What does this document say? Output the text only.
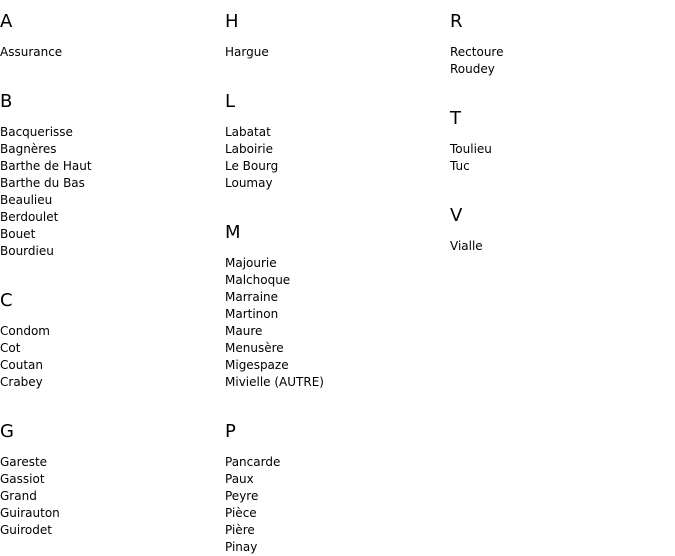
A
Assurance
B
Bacquerisse
Bagnères
Barthe de Haut
Barthe du Bas
Beaulieu
Berdoulet
Bouet
Bourdieu
C
Condom
Cot
Coutan
Crabey
G
Gareste
Gassiot
Grand
Guirauton
Guirodet
H
Hargue
L
Labatat
Laboirie
Le Bourg
Loumay
M
Majourie
Malchoque
Marraine
Martinon
Maure
Menusère
Migespaze
Mivielle (AUTRE)
P
Pancarde
Paux
Peyre
Pièce
Pière
Pinay
R
Rectoure
Roudey
T
Toulieu
Tuc
V
Vialle
